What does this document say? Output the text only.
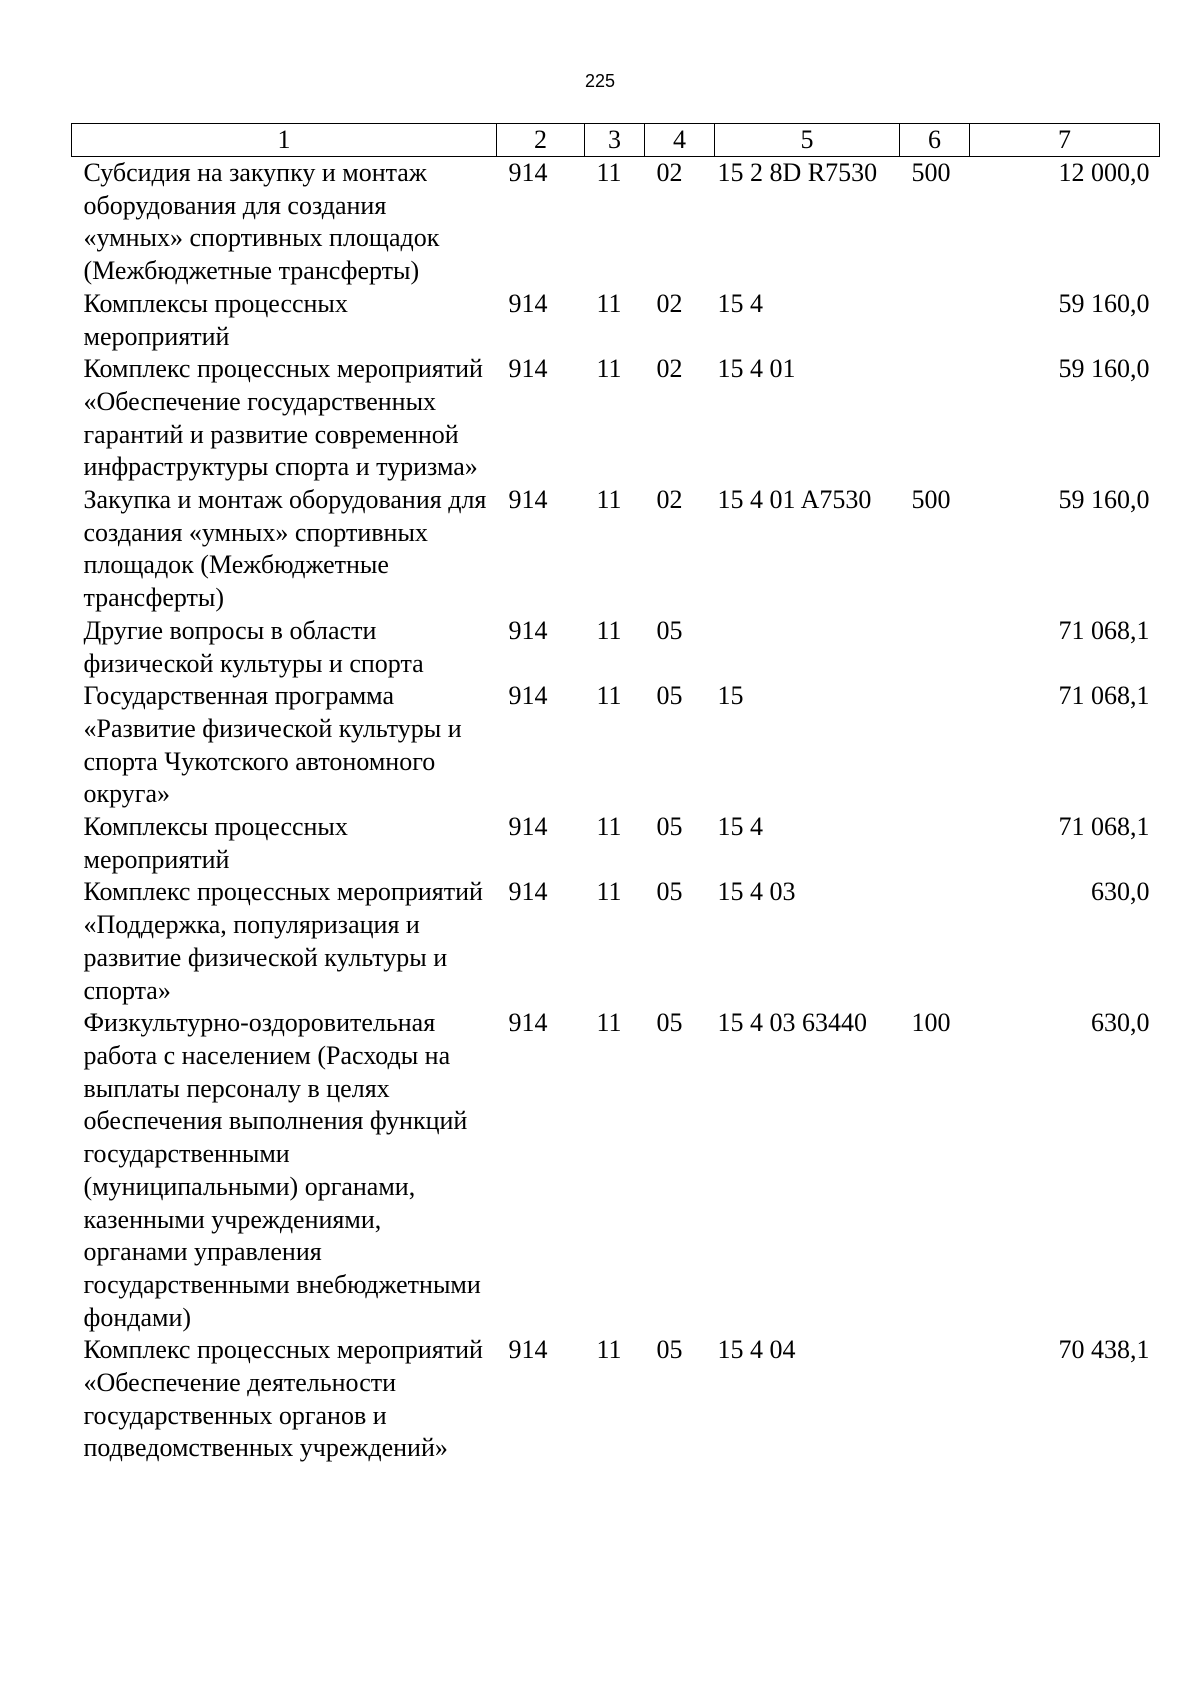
225
1	2	3	4	5	6	7
Субсидия на закупку и монтаж оборудования для создания «умных» спортивных площадок (Межбюджетные трансферты)	914	11	02	15 2 8D R7530	500	12 000,0
Комплексы процессных мероприятий	914	11	02	15 4		59 160,0
Комплекс процессных мероприятий «Обеспечение государственных гарантий и развитие современной инфраструктуры спорта и туризма»	914	11	02	15 4 01		59 160,0
Закупка и монтаж оборудования для создания «умных» спортивных площадок (Межбюджетные трансферты)	914	11	02	15 4 01 A7530	500	59 160,0
Другие вопросы в области физической культуры и спорта	914	11	05			71 068,1
Государственная программа «Развитие физической культуры и спорта Чукотского автономного округа»	914	11	05	15		71 068,1
Комплексы процессных мероприятий	914	11	05	15 4		71 068,1
Комплекс процессных мероприятий «Поддержка, популяризация и развитие физической культуры и спорта»	914	11	05	15 4 03		630,0
Физкультурно-оздоровительная работа с населением (Расходы на выплаты персоналу в целях обеспечения выполнения функций государственными (муниципальными) органами, казенными учреждениями, органами управления государственными внебюджетными фондами)	914	11	05	15 4 03 63440	100	630,0
Комплекс процессных мероприятий «Обеспечение деятельности государственных органов и подведомственных учреждений»	914	11	05	15 4 04		70 438,1
